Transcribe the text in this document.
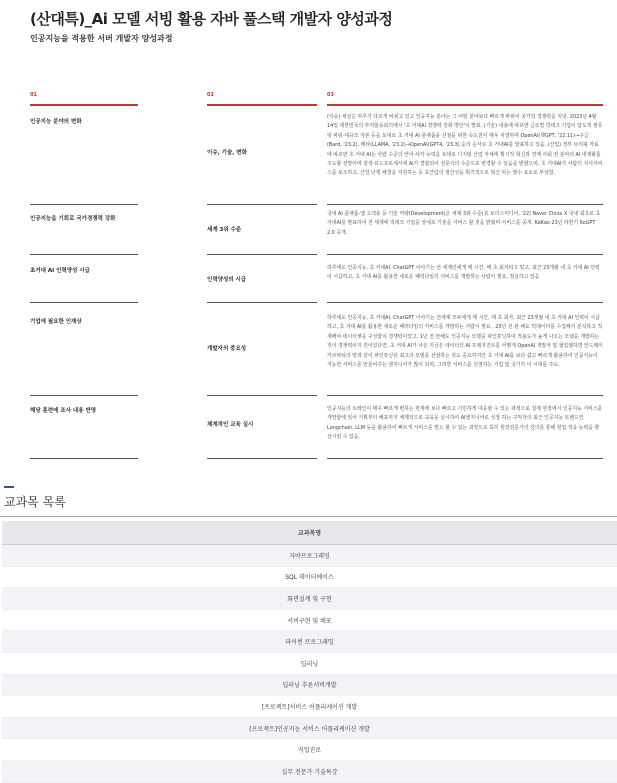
(산대특)_Ai 모델 서빙 활용 자바 풀스택 개발자 양성과정
인공지능을 적용한 서버 개발자 양성과정
01	02	03
인공지능 분야의 변화
이슈, 기술, 변화
(이슈) 세상은 하루가 다르게 바뀌고 있고 인공지능 분야는 그 어떤 분야보다 빠르게 바뀌어 국가적 경쟁력을 리딩. 2023년 4월 14일 대한민국의 부처합동회의에서 '초 거대AI 경쟁력 강화 방안'이 발표. (기술) 내용에 따르면 글로벌 빅테크 기업이 압도적 컴퓨팅 파워·대규모 자본 등을 토대로 초 거대 AI 플랫폼을 선점을 위한 속도전이 매우 치열하며 OpenAI(챗GPT, '22.11)→구글(Bard, '23.2), 메타(LLAMA, '23.2)→OpenAI(GPT4, '23.3) 순의 순서로 초 거대AI를 발표하고 있음. (산업) 정부 브리핑 자료에 따르면 초 거대 AI는 사람 수준의 언어·사각 능력을 토대로 디지털 산업 자체에 획기적 혁신과 경제 사회 전 분야의 AI 내재화를 주도할 전망이며 검색·워드프로세서에 AI가 결합되어 전문가의 수준으로 변경할 수 있음을 밝혔으며, 초 거대AI가 사람의 지식서비스를 보조하고, 산업 난제 해결을 지원하는 등 호산업의 생산성을 획기적으로 혁신 하는 필수 요소로 부상함.
인공지능을 기회로 국가경쟁력 강화
세계 3위 수준
국내 AI 플랫폼·앱 고객층 등 기술 역량(Development)은 세계 3위 수준(美 토터스미디어, '22) Naver Clova X 국내 최초로 초 거대AI를 발표하여 전 세계에 빅테크 기업을 상대로 기술을 서비스 할 것을 밝혔며 서비스를 공개. KaKao 23년 하반기 KoGPT 2.0 공개.
초거대 AI 인력양성 시급
인력양성의 시급
하루에도 인공지능, 초 거대AI, ChatGPT 이야기는 전 세계인에게 매 시간, 매 초 회자되고 있고, 최근 23개월 내 초 거대 AI 인력이 시급하고, 초 거대 AI를 활용한 새로운 패러다임의 서비스를 개발하는 사람이 필요, 절실하고 있음
기업에 필요한 인재상
개발자의 중요성
하루에도 인공지능, 초 거대AI, ChatGPT 이야기는 전세계 모두에게 매 시간, 매 초 회자. 최근 23개월 내 초 거대 AI 인력이 시급하고, 초 거대 AI를 활용한 새로운 패러다임의 서비스를 개발하는 사람이 필요 . 23년 전 판 해도 빅데이터를 수집해서 분석하고 적재해야 데이터셋을 구성함이 경쟁력이었고, 1년 전 만해도 인공지능 모델을 파인튜닝하여 적용도가 높게 나오는 모델을 개발하는 것이 경쟁력이지 원이었다면, 초 거대 AI가 나온 지금은 데이터의 AI 프레자진트를 어떻게 OpenAI 개발자 및 협업했하면 안드레이카르파티의 말과 같이 파인튜닝된 최고의 모델을 선점하는 것도 중요하지만 초 거대 AI를 보다 쉽고 빠르게 활용하여 인공지능이 가능한 서비스를 만들어주는 엔지니어가 많이 되며, 그러한 서비스를 선점하는 기업 및 국가가 이 시대를 주도.
해당 훈련에 조사 내용 반영
체계적인 교육 실시
인공지능의 트레인이 매우 빠르게 변하는 현재에 보다 빠르고 기민하게 대응할 수 있는 과정으로 실제 현장에서 인공지능 서비스를 개발함에 있어 기획부터 배포까지 체계적으로 교육을 실시하여 AI엔지니어로 성장 하는 구직자의 최근 인공지능 트렌드인 Langchain, LLM 등을 활용하여 빠르게 서비스를 빌드 할 수 있는 과정으로 특히 현장전문가의 강의를 통해 현업 적응 능력을 향상시킬 수 있음.
교과목 목록
교과목명
자바프로그래밍
SQL 데이터베이스
화면설계 및 구현
서버구현 및 배포
파이썬 프로그래밍
딥러닝
딥러닝 추론서버개발
[프로젝트]서비스 어플리케이션 개발
[프로젝트]인공지능 서비스 어플리케이션 개발
직업진로
실무 전문가 기술특강
